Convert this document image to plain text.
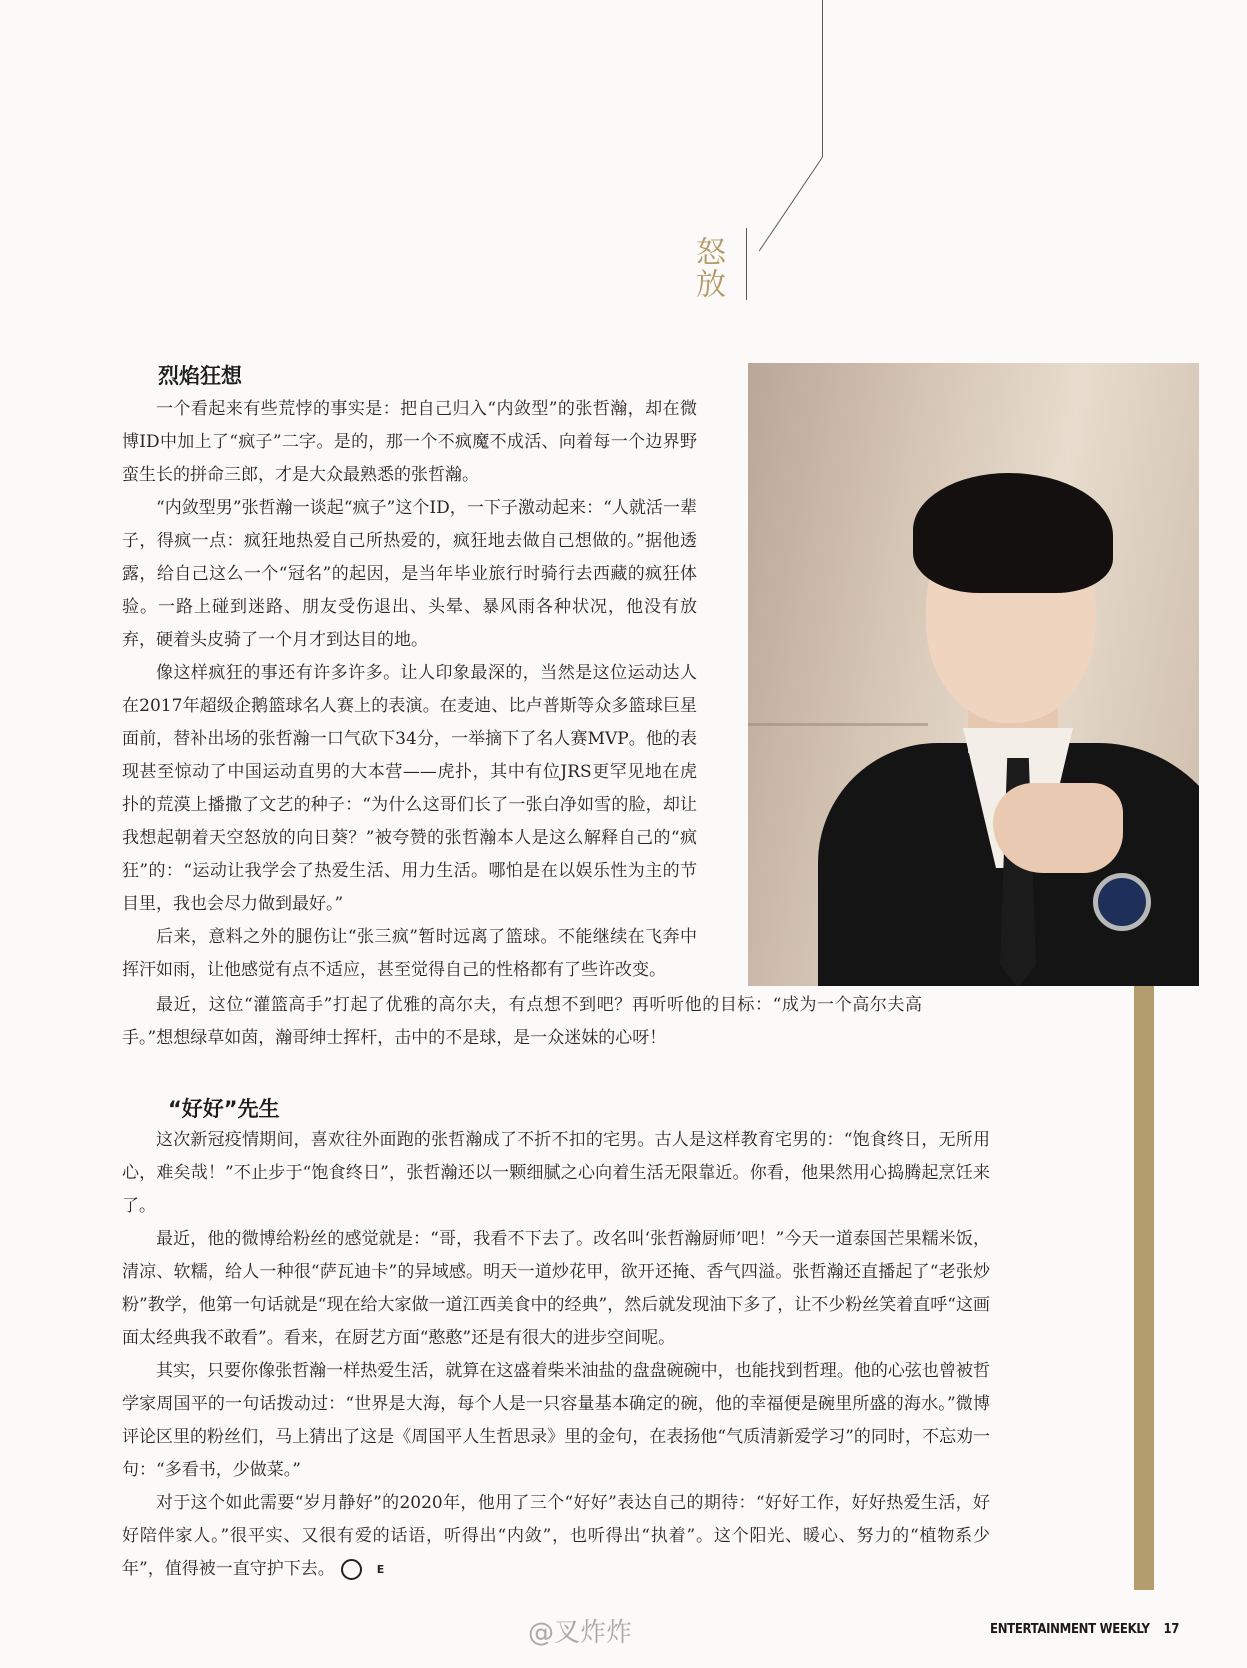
怒放
烈焰狂想

一个看起来有些荒悖的事实是：把自己归入“内敛型”的张哲瀚，却在微博ID中加上了“疯子”二字。是的，那一个不疯魔不成活、向着每一个边界野蛮生长的拼命三郎，才是大众最熟悉的张哲瀚。

“内敛型男”张哲瀚一谈起“疯子”这个ID，一下子激动起来：“人就活一辈子，得疯一点：疯狂地热爱自己所热爱的，疯狂地去做自己想做的。”据他透露，给自己这么一个“冠名”的起因，是当年毕业旅行时骑行去西藏的疯狂体验。一路上碰到迷路、朋友受伤退出、头晕、暴风雨各种状况，他没有放弃，硬着头皮骑了一个月才到达目的地。

像这样疯狂的事还有许多许多。让人印象最深的，当然是这位运动达人在2017年超级企鹅篮球名人赛上的表演。在麦迪、比卢普斯等众多篮球巨星面前，替补出场的张哲瀚一口气砍下34分，一举摘下了名人赛MVP。他的表现甚至惊动了中国运动直男的大本营——虎扑，其中有位JRS更罕见地在虎扑的荒漠上播撒了文艺的种子：“为什么这哥们长了一张白净如雪的脸，却让我想起朝着天空怒放的向日葵？”被夸赞的张哲瀚本人是这么解释自己的“疯狂”的：“运动让我学会了热爱生活、用力生活。哪怕是在以娱乐性为主的节目里，我也会尽力做到最好。”

后来，意料之外的腿伤让“张三疯”暂时远离了篮球。不能继续在飞奔中挥汗如雨，让他感觉有点不适应，甚至觉得自己的性格都有了些许改变。

最近，这位“灌篮高手”打起了优雅的高尔夫，有点想不到吧？再听听他的目标：“成为一个高尔夫高手。”想想绿草如茵，瀚哥绅士挥杆，击中的不是球，是一众迷妹的心呀！

“好好”先生

这次新冠疫情期间，喜欢往外面跑的张哲瀚成了不折不扣的宅男。古人是这样教育宅男的：“饱食终日，无所用心，难矣哉！”不止步于“饱食终日”，张哲瀚还以一颗细腻之心向着生活无限靠近。你看，他果然用心捣腾起烹饪来了。

最近，他的微博给粉丝的感觉就是：“哥，我看不下去了。改名叫‘张哲瀚厨师’吧！”今天一道泰国芒果糯米饭，清凉、软糯，给人一种很“萨瓦迪卡”的异域感。明天一道炒花甲，欲开还掩、香气四溢。张哲瀚还直播起了“老张炒粉”教学，他第一句话就是“现在给大家做一道江西美食中的经典”，然后就发现油下多了，让不少粉丝笑着直呼“这画面太经典我不敢看”。看来，在厨艺方面“憨憨”还是有很大的进步空间呢。

其实，只要你像张哲瀚一样热爱生活，就算在这盛着柴米油盐的盘盘碗碗中，也能找到哲理。他的心弦也曾被哲学家周国平的一句话拨动过：“世界是大海，每个人是一只容量基本确定的碗，他的幸福便是碗里所盛的海水。”微博评论区里的粉丝们，马上猜出了这是《周国平人生哲思录》里的金句，在表扬他“气质清新爱学习”的同时，不忘劝一句：“多看书，少做菜。”

对于这个如此需要“岁月静好”的2020年，他用了三个“好好”表达自己的期待：“好好工作，好好热爱生活，好好陪伴家人。”很平实、又很有爱的话语，听得出“内敛”，也听得出“执着”。这个阳光、暖心、努力的“植物系少年”，值得被一直守护下去。	E

@叉炸炸	ENTERTAINMENT WEEKLY 17
